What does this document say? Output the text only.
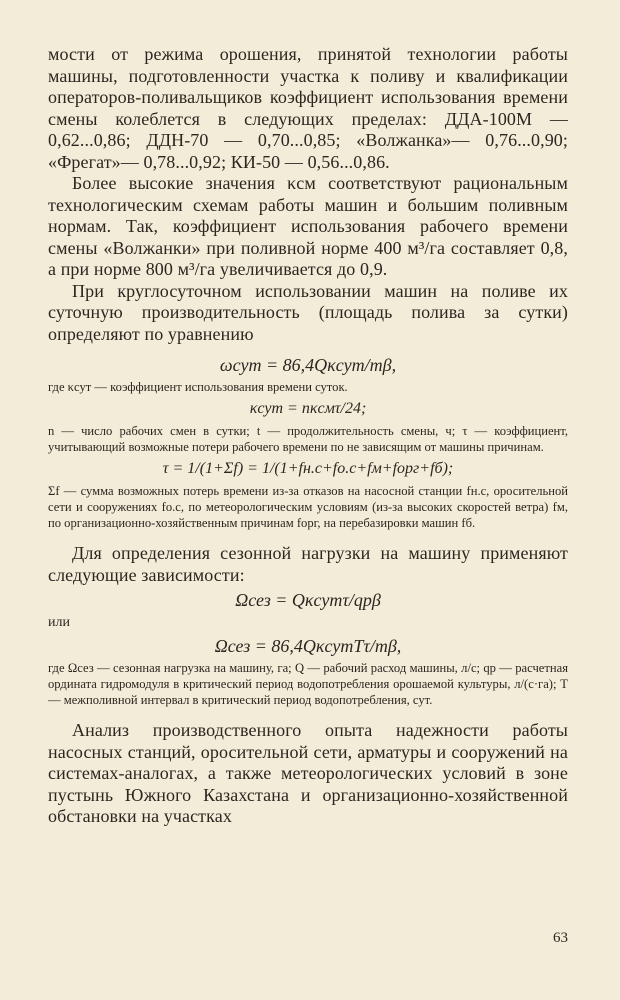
мости от режима орошения, принятой технологии работы машины, подготовленности участка к поливу и квалификации операторов-поливальщиков коэффициент использования времени смены колеблется в следующих пределах: ДДА-100М — 0,62...0,86; ДДН-70 — 0,70...0,85; «Волжанка»— 0,76...0,90; «Фрегат»— 0,78...0,92; КИ-50 — 0,56...0,86.

Более высокие значения κсм соответствуют рациональным технологическим схемам работы машин и большим поливным нормам. Так, коэффициент использования рабочего времени смены «Волжанки» при поливной норме 400 м³/га составляет 0,8, а при норме 800 м³/га увеличивается до 0,9.

При круглосуточном использовании машин на поливе их суточную производительность (площадь полива за сутки) определяют по уравнению

ωсут = 86,4Qκсут/mβ,

где κсут — коэффициент использования времени суток.

κсут = nκсмτ/24;

n — число рабочих смен в сутки; t — продолжительность смены, ч; τ — коэффициент, учитывающий возможные потери рабочего времени по не зависящим от машины причинам.

τ = 1/(1+Σf) = 1/(1+fн.с+fо.с+fм+fорг+fб);

Σf — сумма возможных потерь времени из-за отказов на насосной станции fн.с, оросительной сети и сооружениях fо.с, по метеорологическим условиям (из-за высоких скоростей ветра) fм, по организационно-хозяйственным причинам fорг, на перебазировки машин fб.

Для определения сезонной нагрузки на машину применяют следующие зависимости:

Ωсез = Qκсутτ/qрβ

или

Ωсез = 86,4QκсутTτ/mβ,

где Ωсез — сезонная нагрузка на машину, га; Q — рабочий расход машины, л/с; qр — расчетная ордината гидромодуля в критический период водопотребления орошаемой культуры, л/(с·га); T — межполивной интервал в критический период водопотребления, сут.

Анализ производственного опыта надежности работы насосных станций, оросительной сети, арматуры и сооружений на системах-аналогах, а также метеорологических условий в зоне пустынь Южного Казахстана и организационно-хозяйственной обстановки на участках

63
